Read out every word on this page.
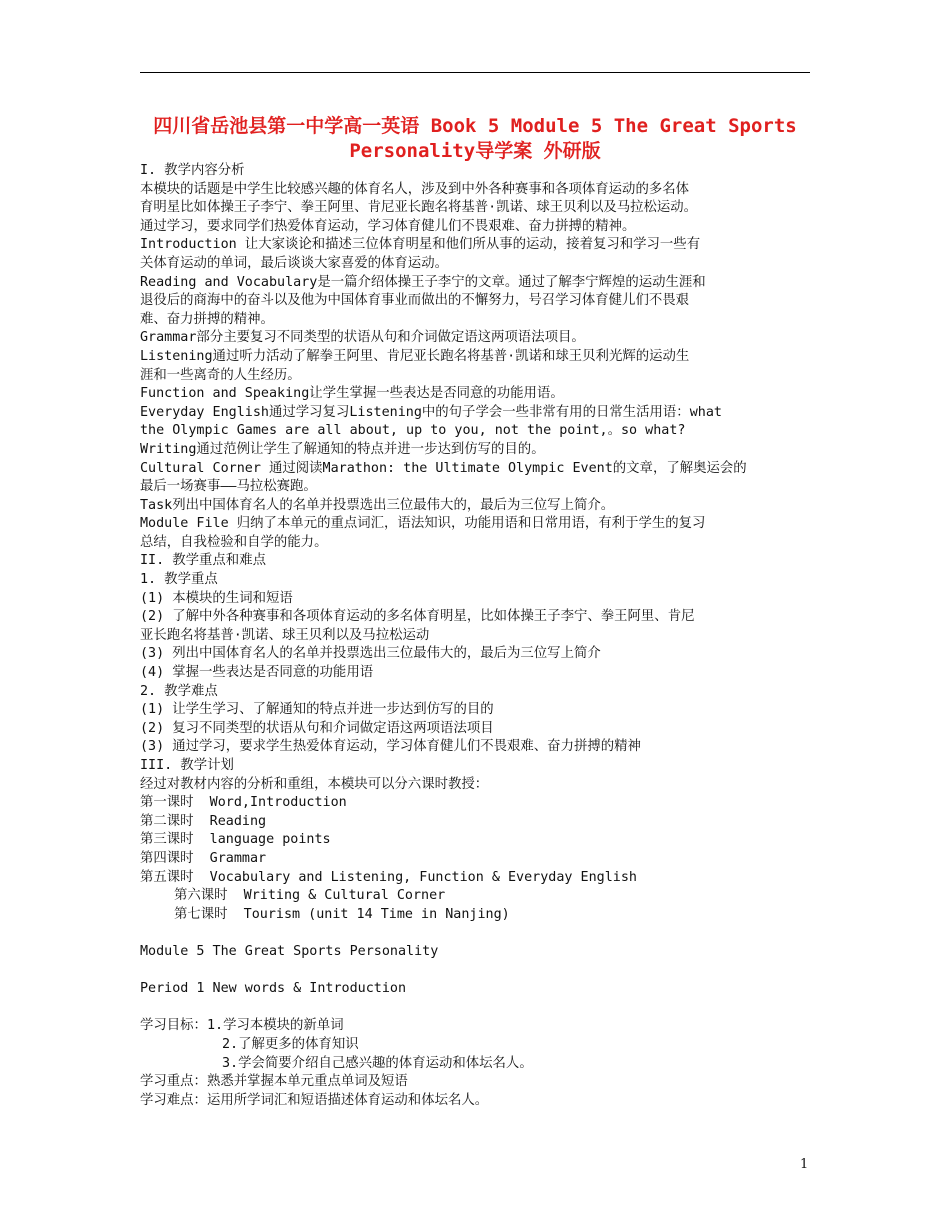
四川省岳池县第一中学高一英语 Book 5 Module 5 The Great Sports
Personality导学案 外研版
I. 教学内容分析
本模块的话题是中学生比较感兴趣的体育名人，涉及到中外各种赛事和各项体育运动的多名体
育明星比如体操王子李宁、拳王阿里、肯尼亚长跑名将基普·凯诺、球王贝利以及马拉松运动。
通过学习，要求同学们热爱体育运动，学习体育健儿们不畏艰难、奋力拼搏的精神。
Introduction 让大家谈论和描述三位体育明星和他们所从事的运动，接着复习和学习一些有
关体育运动的单词，最后谈谈大家喜爱的体育运动。
Reading and Vocabulary是一篇介绍体操王子李宁的文章。通过了解李宁辉煌的运动生涯和
退役后的商海中的奋斗以及他为中国体育事业而做出的不懈努力，号召学习体育健儿们不畏艰
难、奋力拼搏的精神。
Grammar部分主要复习不同类型的状语从句和介词做定语这两项语法项目。
Listening通过听力活动了解拳王阿里、肯尼亚长跑名将基普·凯诺和球王贝利光辉的运动生
涯和一些离奇的人生经历。
Function and Speaking让学生掌握一些表达是否同意的功能用语。
Everyday English通过学习复习Listening中的句子学会一些非常有用的日常生活用语：what
the Olympic Games are all about, up to you, not the point,。so what?
Writing通过范例让学生了解通知的特点并进一步达到仿写的目的。
Cultural Corner 通过阅读Marathon: the Ultimate Olympic Event的文章，了解奥运会的
最后一场赛事——马拉松赛跑。
Task列出中国体育名人的名单并投票选出三位最伟大的，最后为三位写上简介。
Module File 归纳了本单元的重点词汇，语法知识，功能用语和日常用语，有利于学生的复习
总结，自我检验和自学的能力。
II. 教学重点和难点
1. 教学重点
(1) 本模块的生词和短语
(2) 了解中外各种赛事和各项体育运动的多名体育明星，比如体操王子李宁、拳王阿里、肯尼
亚长跑名将基普·凯诺、球王贝利以及马拉松运动
(3) 列出中国体育名人的名单并投票选出三位最伟大的，最后为三位写上简介
(4) 掌握一些表达是否同意的功能用语
2. 教学难点
(1) 让学生学习、了解通知的特点并进一步达到仿写的目的
(2) 复习不同类型的状语从句和介词做定语这两项语法项目
(3) 通过学习，要求学生热爱体育运动，学习体育健儿们不畏艰难、奋力拼搏的精神
III. 教学计划
经过对教材内容的分析和重组，本模块可以分六课时教授：
第一课时  Word,Introduction
第二课时  Reading
第三课时  language points
第四课时  Grammar
第五课时  Vocabulary and Listening, Function & Everyday English
第六课时  Writing & Cultural Corner
第七课时  Tourism (unit 14 Time in Nanjing)
Module 5 The Great Sports Personality
Period 1 New words & Introduction
学习目标：1.学习本模块的新单词
2.了解更多的体育知识
3.学会简要介绍自己感兴趣的体育运动和体坛名人。
学习重点：熟悉并掌握本单元重点单词及短语
学习难点：运用所学词汇和短语描述体育运动和体坛名人。
1
